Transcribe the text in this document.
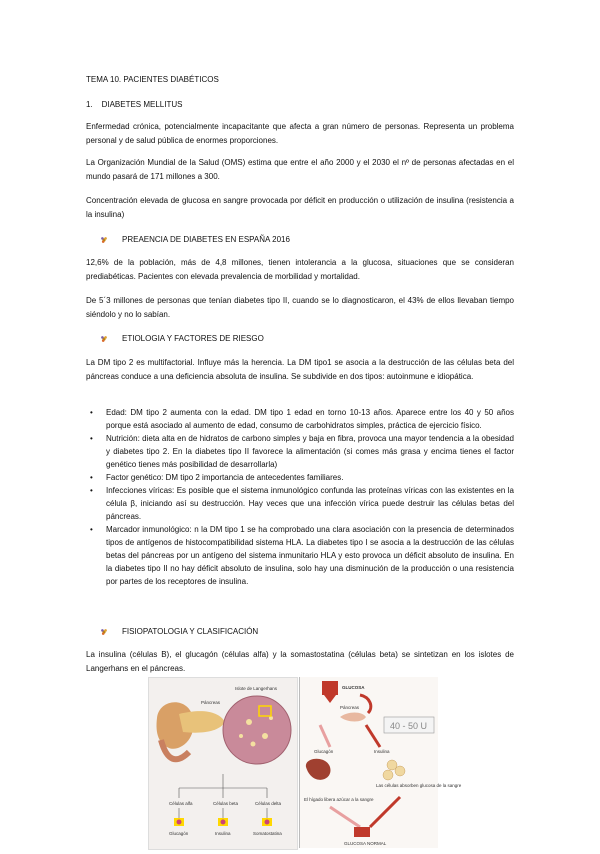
TEMA 10. PACIENTES DIABÉTICOS
1.    DIABETES MELLITUS
Enfermedad crónica, potencialmente incapacitante que afecta a gran número de personas. Representa un problema personal y de salud pública de enormes proporciones.
La Organización Mundial de la Salud (OMS) estima que entre el año 2000 y el 2030 el nº de personas afectadas en el mundo pasará de 171 millones a 300.
Concentración elevada de glucosa en sangre provocada por déficit en producción o utilización de insulina (resistencia a la insulina)
PREAENCIA DE DIABETES EN ESPAÑA 2016
12,6% de la población, más de 4,8 millones, tienen intolerancia a la glucosa, situaciones que se consideran prediabéticas. Pacientes con elevada prevalencia de morbilidad y mortalidad.
De 5´3 millones de personas que tenían diabetes tipo II, cuando se lo diagnosticaron, el 43% de ellos llevaban tiempo siéndolo y no lo sabían.
ETIOLOGIA Y FACTORES DE RIESGO
La DM tipo 2 es multifactorial. Influye más la herencia. La DM tipo1 se asocia a la destrucción de las células beta del páncreas conduce a una deficiencia absoluta de insulina. Se subdivide en dos tipos: autoinmune e idiopática.
• Edad: DM tipo 2 aumenta con la edad. DM tipo 1 edad en torno 10-13 años. Aparece entre los 40 y 50 años porque está asociado al aumento de edad, consumo de carbohidratos simples, práctica de ejercicio físico.
• Nutrición: dieta alta en de hidratos de carbono simples y baja en fibra, provoca una mayor tendencia a la obesidad y diabetes tipo 2. En la diabetes tipo II favorece la alimentación (si comes más grasa y encima tienes el factor genético tienes más posibilidad de desarrollarla)
• Factor genético: DM tipo 2 importancia de antecedentes familiares.
• Infecciones víricas: Es posible que el sistema inmunológico confunda las proteínas víricas con las existentes en la célula β, iniciando así su destrucción. Hay veces que una infección vírica puede destruir las células betas del páncreas.
• Marcador inmunológico: n la DM tipo 1 se ha comprobado una clara asociación con la presencia de determinados tipos de antígenos de histocompatibilidad sistema HLA. La diabetes tipo I se asocia a la destrucción de las células betas del páncreas por un antígeno del sistema inmunitario HLA y esto provoca un déficit absoluto de insulina. En la diabetes tipo II no hay déficit absoluto de insulina, solo hay una disminución de la producción o una resistencia por partes de los receptores de insulina.
FISIOPATOLOGIA Y CLASIFICACIÓN
La insulina (células B), el glucagón (células alfa) y la somastostatina (células beta) se sintetizan en los islotes de Langerhans en el páncreas.
Páncreas
Islote de Langerhans
Células alfa	Células beta	Células delta
Glucagón	Insulina	Somatostatina
GLUCOSA
Páncreas
Glucagón	Insulina
40 - 50 U
El hígado libera azúcar a la sangre
Las células absorben glucosa de la sangre
GLUCOSA NORMAL
